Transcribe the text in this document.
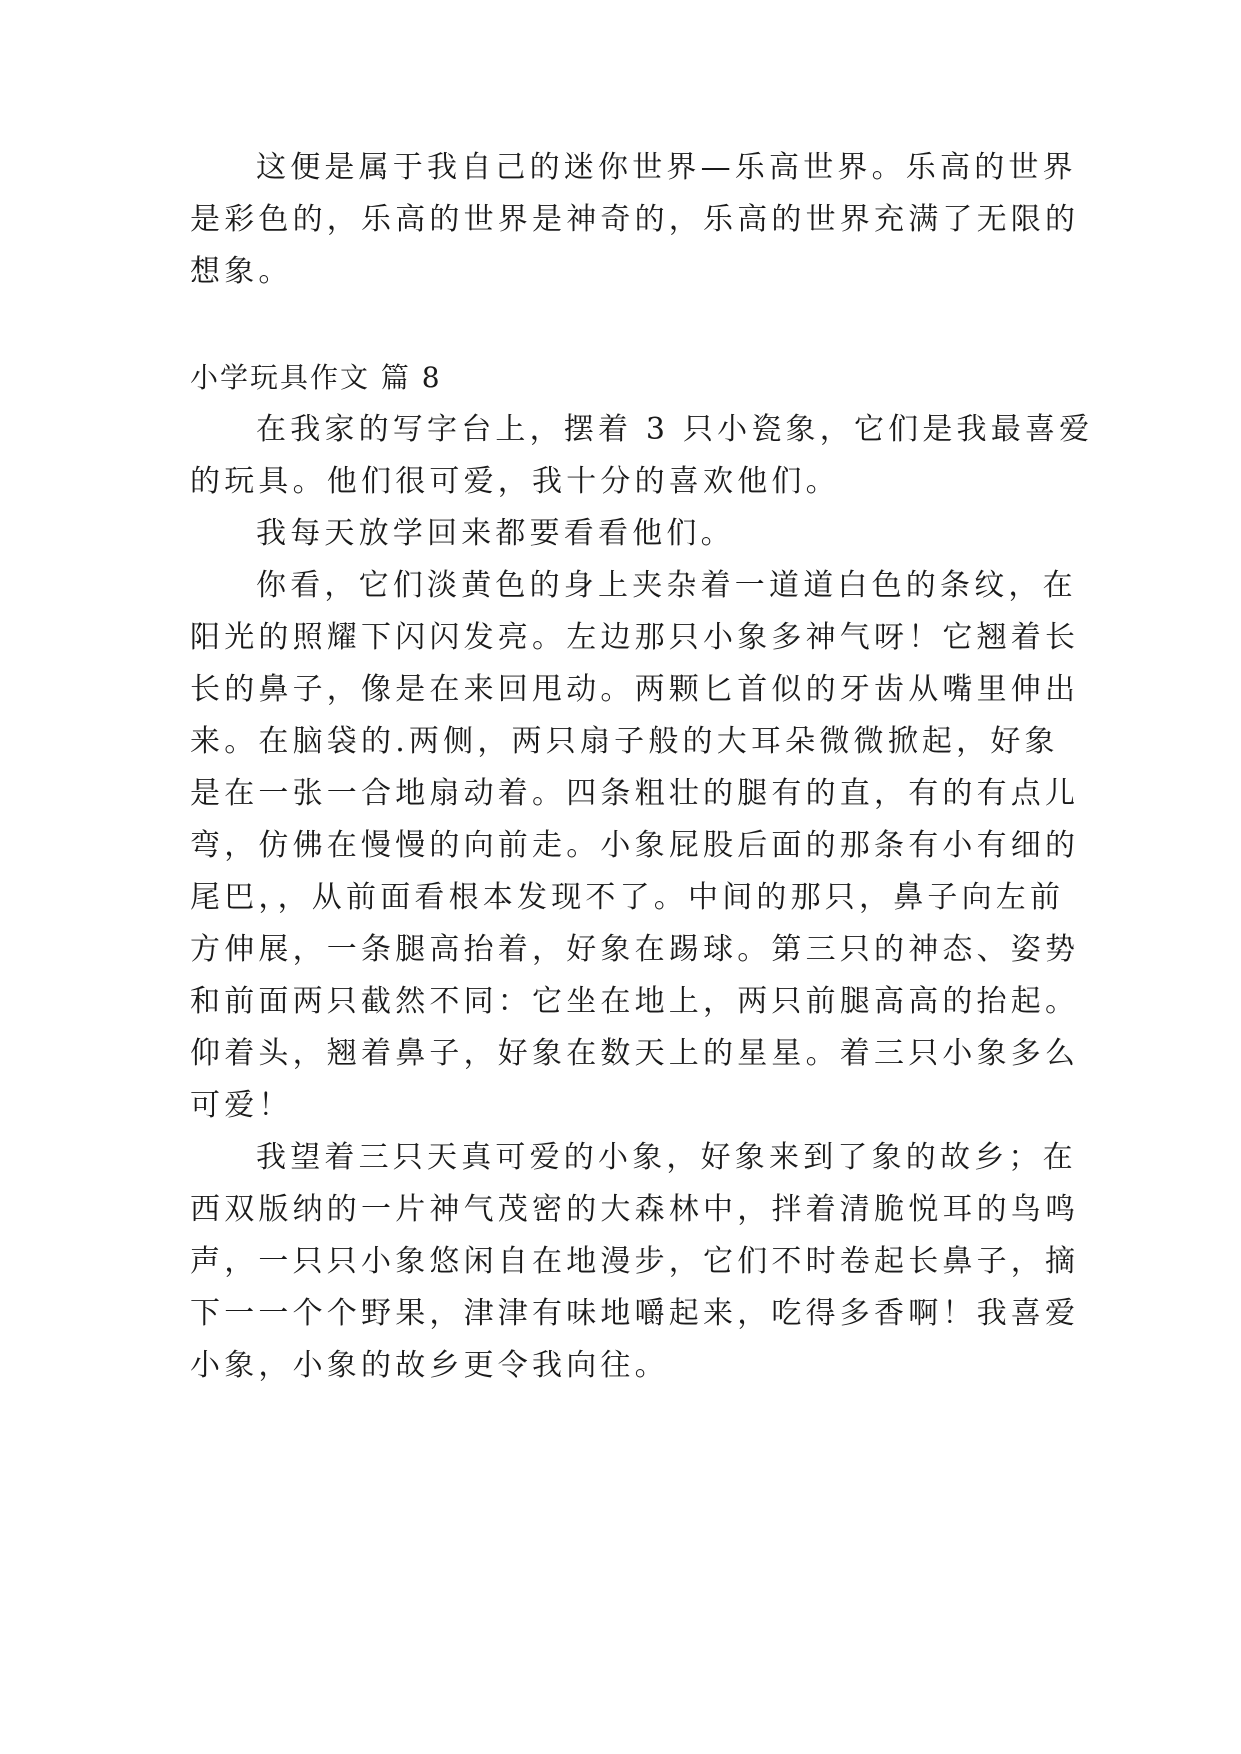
这便是属于我自己的迷你世界—乐高世界。乐高的世界
是彩色的，乐高的世界是神奇的，乐高的世界充满了无限的
想象。
小学玩具作文 篇 8
在我家的写字台上，摆着 3 只小瓷象，它们是我最喜爱
的玩具。他们很可爱，我十分的喜欢他们。
我每天放学回来都要看看他们。
你看，它们淡黄色的身上夹杂着一道道白色的条纹，在
阳光的照耀下闪闪发亮。左边那只小象多神气呀！它翘着长
长的鼻子，像是在来回甩动。两颗匕首似的牙齿从嘴里伸出
来。在脑袋的.两侧，两只扇子般的大耳朵微微掀起，好象
是在一张一合地扇动着。四条粗壮的腿有的直，有的有点儿
弯，仿佛在慢慢的向前走。小象屁股后面的那条有小有细的
尾巴，，从前面看根本发现不了。中间的那只，鼻子向左前
方伸展，一条腿高抬着，好象在踢球。第三只的神态、姿势
和前面两只截然不同：它坐在地上，两只前腿高高的抬起。
仰着头，翘着鼻子，好象在数天上的星星。着三只小象多么
可爱！
我望着三只天真可爱的小象，好象来到了象的故乡；在
西双版纳的一片神气茂密的大森林中，拌着清脆悦耳的鸟鸣
声，一只只小象悠闲自在地漫步，它们不时卷起长鼻子，摘
下一一个个野果，津津有味地嚼起来，吃得多香啊！我喜爱
小象，小象的故乡更令我向往。
